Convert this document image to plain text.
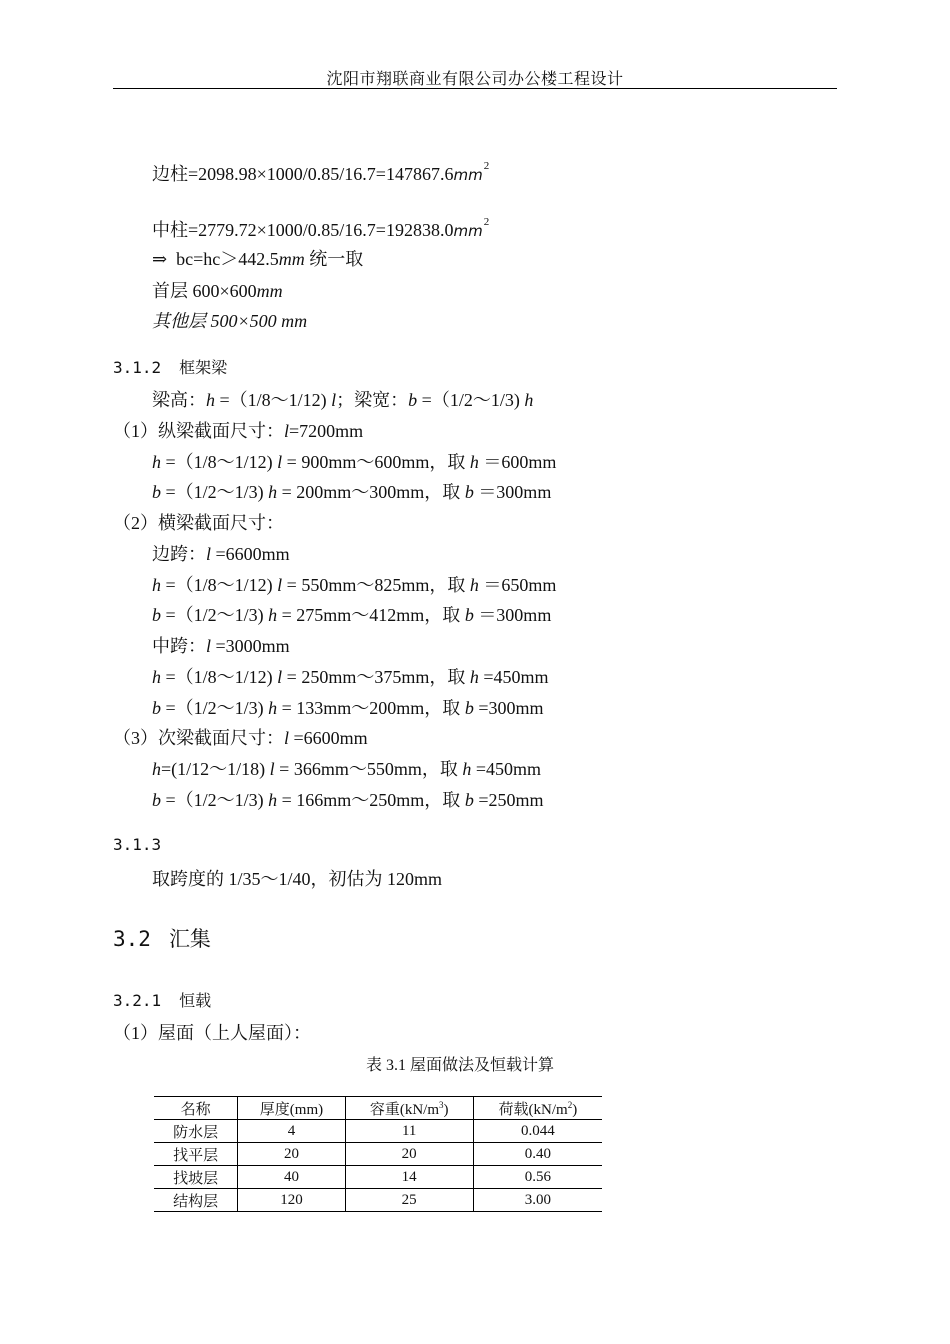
沈阳市翔联商业有限公司办公楼工程设计
边柱$=2098.98\times 1000/0.85/16.7=147867.6mm^2$
中柱$=2779.72\times 1000/0.85/16.7=192838.0mm^2$
⇒ bc=hc＞442.5mm 统一取
首层 600×600mm
其他层 500×500 mm
3.1.2 框架梁
梁高：h =（1/8～1/12) l；梁宽：b =（1/2～1/3) h
（1）纵梁截面尺寸：l=7200mm
h =（1/8～1/12) l = 900mm～600mm，取 h ＝600mm
b =（1/2～1/3) h = 200mm～300mm，取 b ＝300mm
（2）横梁截面尺寸：
边跨：l =6600mm
h =（1/8～1/12) l = 550mm～825mm，取 h ＝650mm
b =（1/2～1/3) h = 275mm～412mm，取 b ＝300mm
中跨：l =3000mm
h =（1/8～1/12) l = 250mm～375mm，取 h =450mm
b =（1/2～1/3) h = 133mm～200mm，取 b =300mm
（3）次梁截面尺寸：l =6600mm
h=(1/12～1/18) l = 366mm～550mm，取 h =450mm
b =（1/2～1/3) h = 166mm～250mm，取 b =250mm
3.1.3
取跨度的 1/35～1/40，初估为 120mm
3.2 汇集
3.2.1 恒载
（1）屋面（上人屋面）：
表 3.1 屋面做法及恒载计算
名称	厚度(mm)	容重$(kN/m^3)$	荷载$(kN/m^2)$
防水层	4	11	0.044
找平层	20	20	0.40
找坡层	40	14	0.56
结构层	120	25	3.00
